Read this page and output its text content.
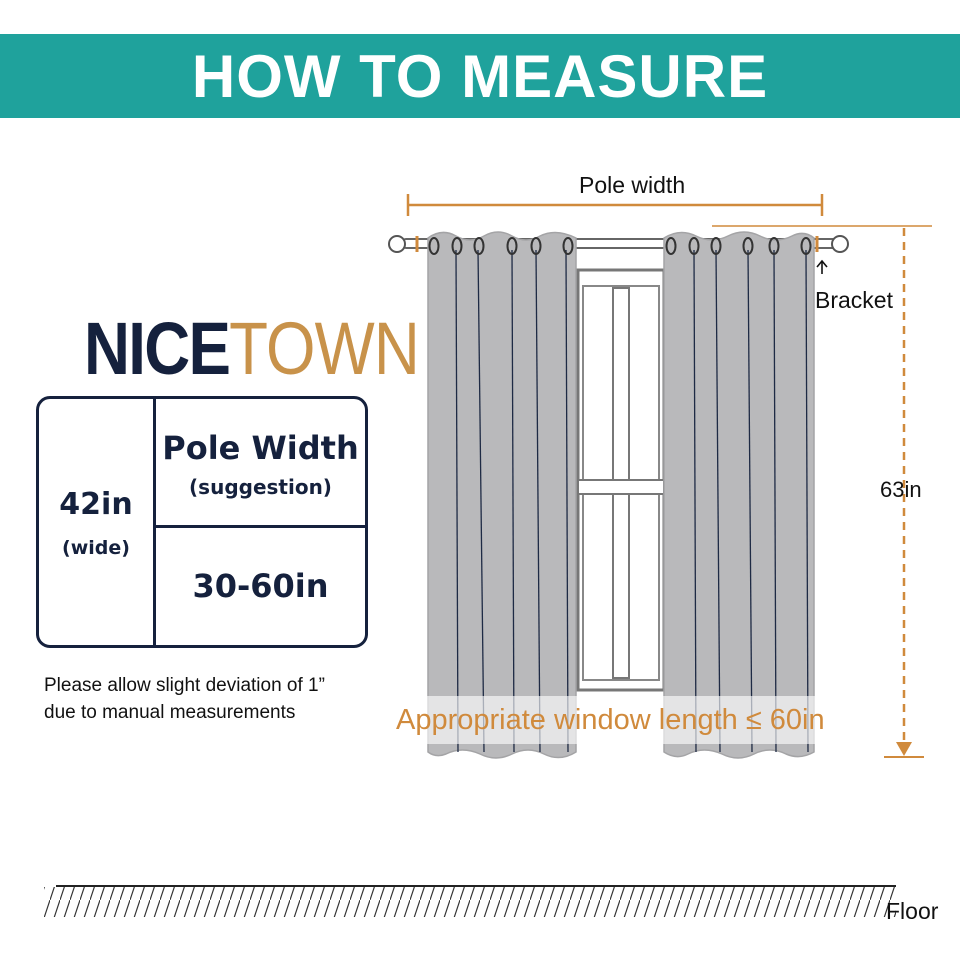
HOW TO MEASURE
NICETOWN
42in
(wide)
Pole Width
(suggestion)
30-60in
Please allow slight deviation of 1”
due to manual measurements
Pole width
Bracket
63in
Appropriate window length ≤ 60in
Floor
